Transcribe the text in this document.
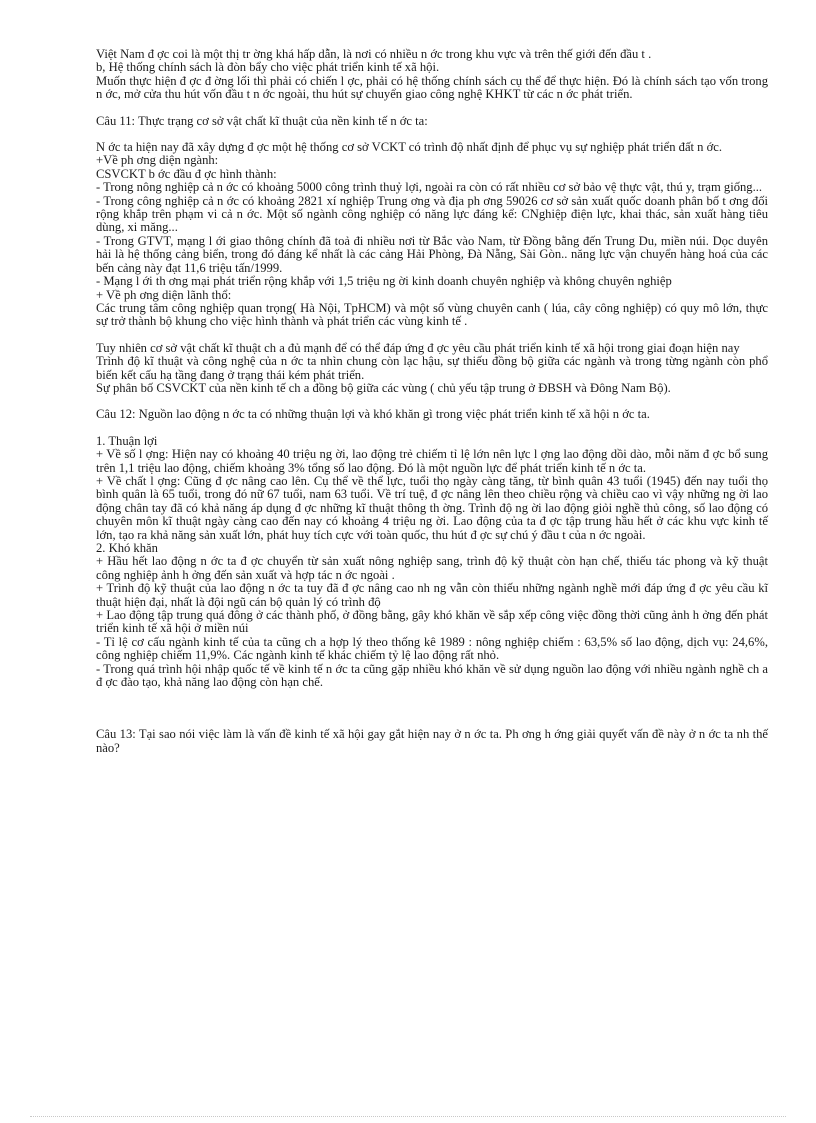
Việt Nam đ ợc coi là một thị tr ờng khá hấp dẫn, là nơi có nhiều n ớc trong khu vực và trên thế giới đến đầu t .
b, Hệ thống chính sách là đòn bẩy cho việc phát triển kinh tế xã hội.
Muốn thực hiện đ ợc đ ờng lối thì phải có chiến l ợc, phải có hệ thống chính sách cụ thể để thực hiện. Đó là chính sách tạo vốn trong n ớc, mở cửa thu hút vốn đầu t n ớc ngoài, thu hút sự chuyển giao công nghệ KHKT từ các n ớc phát triển.
Câu 11: Thực trạng cơ sở vật chất kĩ thuật của nền kinh tế n ớc ta:
N ớc ta hiện nay đã xây dựng đ ợc một hệ thống cơ sở VCKT có trình độ nhất định để phục vụ sự nghiệp phát triển đất n ớc.
+Về ph ơng diện ngành:
CSVCKT b ớc đầu đ ợc hình thành:
- Trong nông nghiệp cả n ớc có khoảng 5000 công trình thuỷ lợi, ngoài ra còn có rất nhiều cơ sở bảo vệ thực vật, thú y, trạm giống...
- Trong công nghiệp cả n ớc có khoảng 2821 xí nghiệp Trung ơng và địa ph ơng 59026 cơ sở sản xuất quốc doanh phân bố t ơng đối rộng khắp trên phạm vi cả n ớc. Một số ngành công nghiệp có năng lực đáng kể: CNghiệp điện lực, khai thác, sản xuất hàng tiêu dùng, xi măng...
- Trong GTVT, mạng l ới giao thông chính đã toả đi nhiều nơi từ Bắc vào Nam, từ Đồng bằng đến Trung Du, miền núi. Dọc duyên hải là hệ thống cảng biển, trong đó đáng kể nhất là các cảng Hải Phòng, Đà Nẵng, Sài Gòn.. năng lực vận chuyển hàng hoá của các bến cảng này đạt 11,6 triệu tấn/1999.
- Mạng l ới th ơng mại phát triển rộng khắp với 1,5 triệu ng ời kinh doanh chuyên nghiệp và không chuyên nghiệp
+ Về ph ơng diện lãnh thổ:
Các trung tâm công nghiệp quan trọng( Hà Nội, TpHCM) và một số vùng chuyên canh ( lúa, cây công nghiệp) có quy mô lớn, thực sự trở thành bộ khung cho việc hình thành và phát triển các vùng kinh tế .
Tuy nhiên cơ sở vật chất kĩ thuật ch a đủ mạnh để có thể đáp ứng đ ợc yêu cầu phát triển kinh tế xã hội trong giai đoạn hiện nay
Trình độ kĩ thuật và công nghệ của n ớc ta nhìn chung còn lạc hậu, sự thiếu đồng bộ giữa các ngành và trong từng ngành còn phổ biến kết cấu hạ tầng đang ở trạng thái kém phát triển.
Sự phân bố CSVCKT của nền kinh tế ch a đồng bộ giữa các vùng ( chủ yếu tập trung ở ĐBSH và Đông Nam Bộ).
Câu 12: Nguồn lao động n ớc ta có những thuận lợi và khó khăn gì trong việc phát triển kinh tế xã hội n ớc ta.
1. Thuận lợi
+ Về số l ợng: Hiện nay có khoảng 40 triệu ng ời, lao động trẻ chiếm tỉ lệ lớn nên lực l ợng lao động dồi dào, mỗi năm đ ợc bổ sung trên 1,1 triệu lao động, chiếm khoảng 3% tổng số lao động. Đó là một nguồn lực để phát triển kinh tế n ớc ta.
+ Về chất l ợng: Cũng đ ợc nâng cao lên. Cụ thể về thể lực, tuổi thọ ngày càng tăng, từ bình quân 43 tuổi (1945) đến nay tuổi thọ bình quân là 65 tuổi, trong đó nữ 67 tuổi, nam 63 tuổi. Về trí tuệ, đ ợc nâng lên theo chiều rộng và chiều cao vì vậy những ng ời lao động chân tay đã có khả năng áp dụng đ ợc những kĩ thuật thông th ờng. Trình độ ng ời lao động giỏi nghề thủ công, số lao động có chuyên môn kĩ thuật ngày càng cao đến nay có khoảng 4 triệu ng ời. Lao động của ta đ ợc tập trung hầu hết ở các khu vực kinh tế lớn, tạo ra khả năng sản xuất lớn, phát huy tích cực với toàn quốc, thu hút đ ợc sự chú ý đầu t của n ớc ngoài.
2. Khó khăn
+ Hầu hết lao động n ớc ta đ ợc chuyển từ sản xuất nông nghiệp sang, trình độ kỹ thuật còn hạn chế, thiếu tác phong và kỹ thuật công nghiệp ảnh h ởng đến sản xuất và hợp tác n ớc ngoài .
+ Trình độ kỹ thuật của lao động n ớc ta tuy đã đ ợc nâng cao nh ng vẫn còn thiếu những ngành nghề mới đáp ứng đ ợc yêu cầu kĩ thuật hiện đại, nhất là đội ngũ cán bộ quản lý có trình độ
+ Lao động tập trung quá đông ở các thành phố, ở đồng bằng, gây khó khăn về sắp xếp công việc đồng thời cũng ảnh h ởng đến phát triển kinh tế xã hội ở miền núi
- Tỉ lệ cơ cấu ngành kinh tế của ta cũng ch a hợp lý theo thống kê 1989 : nông nghiệp chiếm : 63,5% số lao động, dịch vụ: 24,6%, công nghiệp chiếm 11,9%. Các ngành kinh tế khác chiếm tỷ lệ lao động rất nhỏ.
- Trong quá trình hội nhập quốc tế về kinh tế n ớc ta cũng gặp nhiều khó khăn về sử dụng nguồn lao động với nhiều ngành nghề ch a đ ợc đào tạo, khả năng lao động còn hạn chế.
Câu 13: Tại sao nói việc làm là vấn đề kinh tế xã hội gay gắt hiện nay ở n ớc ta. Ph ơng h ớng giải quyết vấn đề này ở n ớc ta nh thế nào?
